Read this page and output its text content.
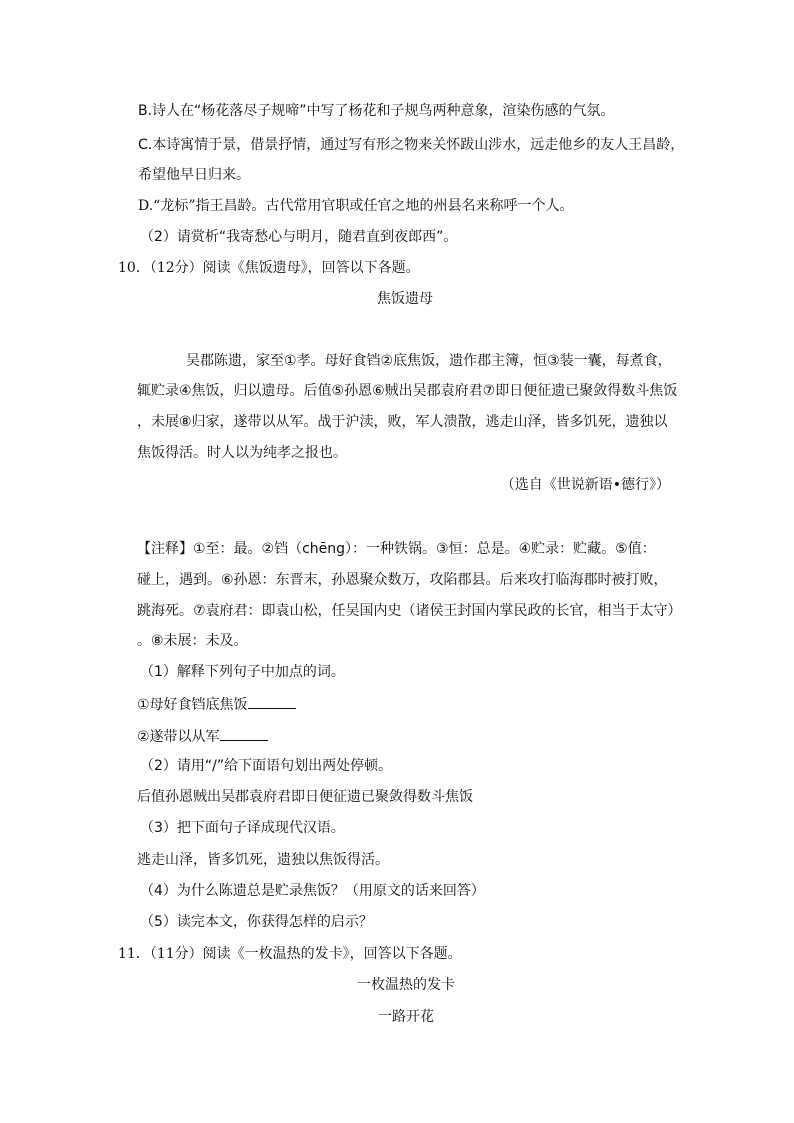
B.诗人在“杨花落尽子规啼”中写了杨花和子规鸟两种意象，渲染伤感的气氛。
C.本诗寓情于景，借景抒情，通过写有形之物来关怀跋山涉水，远走他乡的友人王昌龄，
希望他早日归来。
D.“龙标”指王昌龄。古代常用官职或任官之地的州县名来称呼一个人。
（2）请赏析“我寄愁心与明月，随君直到夜郎西”。
10．（12分）阅读《焦饭遗母》，回答以下各题。
焦饭遗母
吴郡陈遗，家至①孝。母好食铛②底焦饭，遗作郡主簿，恒③装一囊，每煮食，
辄贮录④焦饭，归以遗母。后值⑤孙恩⑥贼出吴郡袁府君⑦即日便征遗已聚敛得数斗焦饭
，未展⑧归家，遂带以从军。战于沪渎，败，军人溃散，逃走山泽，皆多饥死，遗独以
焦饭得活。时人以为纯孝之报也。
（选自《世说新语•德行》）
【注释】①至：最。②铛（chēng）：一种铁锅。③恒：总是。④贮录：贮藏。⑤值：
碰上，遇到。⑥孙恩：东晋末，孙恩聚众数万，攻陷郡县。后来攻打临海郡时被打败，
跳海死。⑦袁府君：即袁山松，任吴国内史（诸侯王封国内掌民政的长官，相当于太守）
。⑧未展：未及。
（1）解释下列句子中加点的词。
①母好食铛底焦饭
②遂带以从军
（2）请用“/”给下面语句划出两处停顿。
后值孙恩贼出吴郡袁府君即日便征遗已聚敛得数斗焦饭
（3）把下面句子译成现代汉语。
逃走山泽，皆多饥死，遗独以焦饭得活。
（4）为什么陈遗总是贮录焦饭？（用原文的话来回答）
（5）读完本文，你获得怎样的启示？
11．（11分）阅读《一枚温热的发卡》，回答以下各题。
一枚温热的发卡
一路开花
